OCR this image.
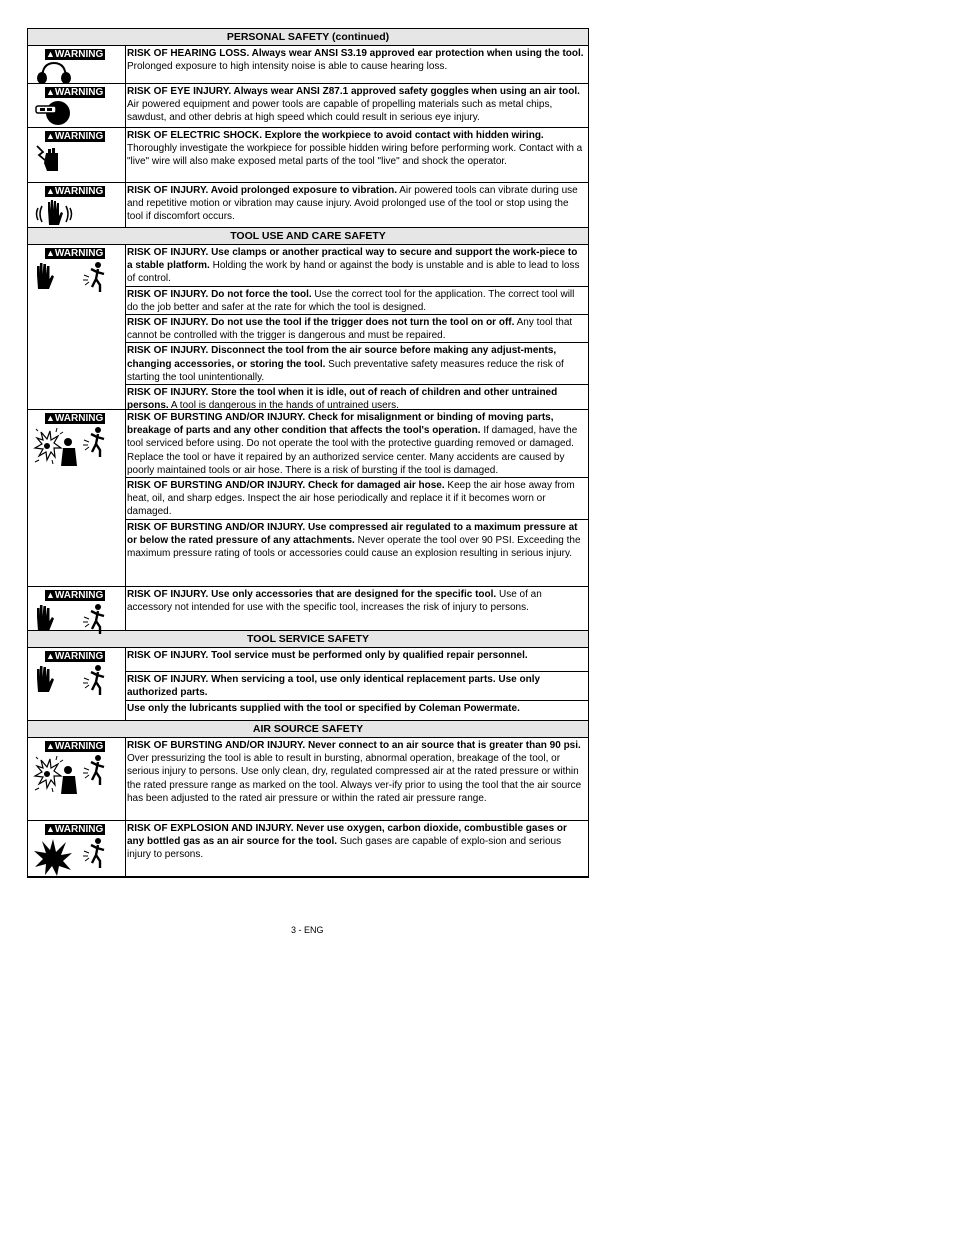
PERSONAL SAFETY (continued)
▲WARNING RISK OF HEARING LOSS. Always wear ANSI S3.19 approved ear protection when using the tool. Prolonged exposure to high intensity noise is able to cause hearing loss.
▲WARNING RISK OF EYE INJURY. Always wear ANSI Z87.1 approved safety goggles when using an air tool. Air powered equipment and power tools are capable of propelling materials such as metal chips, sawdust, and other debris at high speed which could result in serious eye injury.
▲WARNING RISK OF ELECTRIC SHOCK. Explore the workpiece to avoid contact with hidden wiring. Thoroughly investigate the workpiece for possible hidden wiring before performing work. Contact with a "live" wire will also make exposed metal parts of the tool "live" and shock the operator.
▲WARNING RISK OF INJURY. Avoid prolonged exposure to vibration. Air powered tools can vibrate during use and repetitive motion or vibration may cause injury. Avoid prolonged use of the tool or stop using the tool if discomfort occurs.
TOOL USE AND CARE SAFETY
▲WARNING RISK OF INJURY. Use clamps or another practical way to secure and support the work-piece to a stable platform. Holding the work by hand or against the body is unstable and is able to lead to loss of control.
RISK OF INJURY. Do not force the tool. Use the correct tool for the application. The correct tool will do the job better and safer at the rate for which the tool is designed.
RISK OF INJURY. Do not use the tool if the trigger does not turn the tool on or off. Any tool that cannot be controlled with the trigger is dangerous and must be repaired.
RISK OF INJURY. Disconnect the tool from the air source before making any adjust-ments, changing accessories, or storing the tool. Such preventative safety measures reduce the risk of starting the tool unintentionally.
RISK OF INJURY. Store the tool when it is idle, out of reach of children and other untrained persons. A tool is dangerous in the hands of untrained users.
▲WARNING RISK OF BURSTING AND/OR INJURY. Check for misalignment or binding of moving parts, breakage of parts and any other condition that affects the tool's operation. If damaged, have the tool serviced before using. Do not operate the tool with the protective guarding removed or damaged. Replace the tool or have it repaired by an authorized service center. Many accidents are caused by poorly maintained tools or air hose. There is a risk of bursting if the tool is damaged.
RISK OF BURSTING AND/OR INJURY. Check for damaged air hose. Keep the air hose away from heat, oil, and sharp edges. Inspect the air hose periodically and replace it if it becomes worn or damaged.
RISK OF BURSTING AND/OR INJURY. Use compressed air regulated to a maximum pressure at or below the rated pressure of any attachments. Never operate the tool over 90 PSI. Exceeding the maximum pressure rating of tools or accessories could cause an explosion resulting in serious injury.
▲WARNING RISK OF INJURY. Use only accessories that are designed for the specific tool. Use of an accessory not intended for use with the specific tool, increases the risk of injury to persons.
TOOL SERVICE SAFETY
▲WARNING RISK OF INJURY. Tool service must be performed only by qualified repair personnel.
RISK OF INJURY. When servicing a tool, use only identical replacement parts. Use only authorized parts.
Use only the lubricants supplied with the tool or specified by Coleman Powermate.
AIR SOURCE SAFETY
▲WARNING RISK OF BURSTING AND/OR INJURY. Never connect to an air source that is greater than 90 psi. Over pressurizing the tool is able to result in bursting, abnormal operation, breakage of the tool, or serious injury to persons. Use only clean, dry, regulated compressed air at the rated pressure or within the rated pressure range as marked on the tool. Always ver-ify prior to using the tool that the air source has been adjusted to the rated air pressure or within the rated air pressure range.
▲WARNING RISK OF EXPLOSION AND INJURY. Never use oxygen, carbon dioxide, combustible gases or any bottled gas as an air source for the tool. Such gases are capable of explo-sion and serious injury to persons.
3 - ENG
